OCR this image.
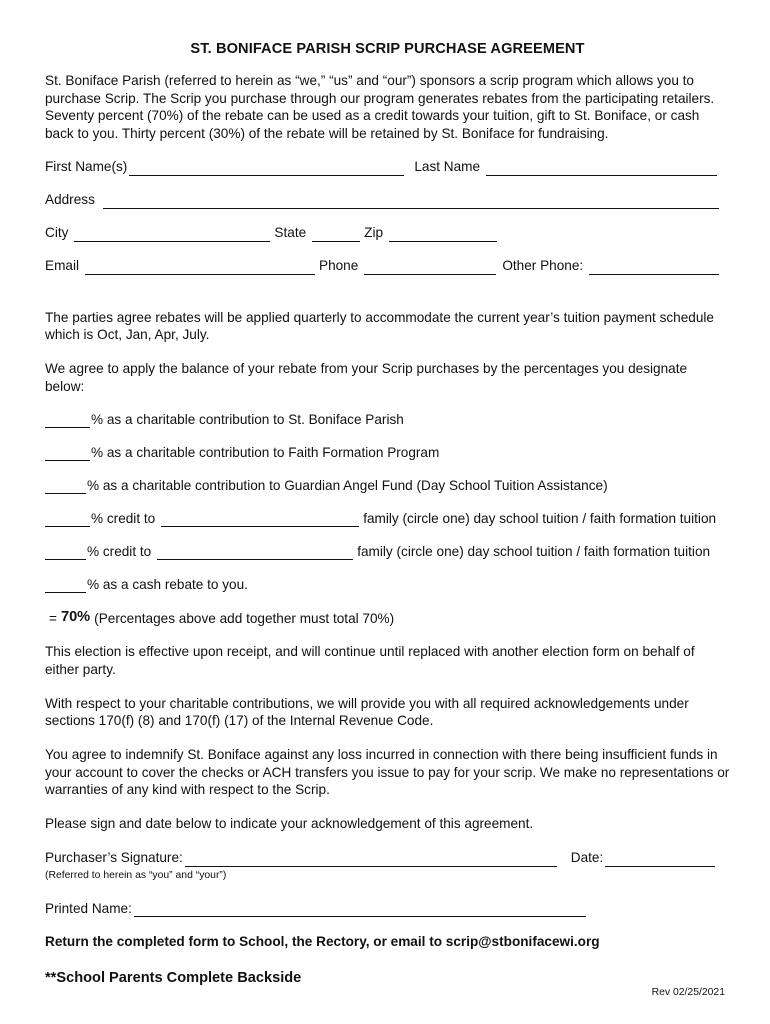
ST. BONIFACE PARISH SCRIP PURCHASE AGREEMENT

St. Boniface Parish (referred to herein as “we,” “us” and “our”) sponsors a scrip program which allows you to purchase Scrip. The Scrip you purchase through our program generates rebates from the participating retailers. Seventy percent (70%) of the rebate can be used as a credit towards your tuition, gift to St. Boniface, or cash back to you. Thirty percent (30%) of the rebate will be retained by St. Boniface for fundraising.

First Name(s)	Last Name
Address
City	State	Zip
Email	Phone	Other Phone:

The parties agree rebates will be applied quarterly to accommodate the current year’s tuition payment schedule which is Oct, Jan, Apr, July.

We agree to apply the balance of your rebate from your Scrip purchases by the percentages you designate below:

% as a charitable contribution to St. Boniface Parish
% as a charitable contribution to Faith Formation Program
% as a charitable contribution to Guardian Angel Fund (Day School Tuition Assistance)
% credit to	family (circle one) day school tuition / faith formation tuition
% credit to	family (circle one) day school tuition / faith formation tuition
% as a cash rebate to you.
= 70% (Percentages above add together must total 70%)

This election is effective upon receipt, and will continue until replaced with another election form on behalf of either party.

With respect to your charitable contributions, we will provide you with all required acknowledgements under sections 170(f) (8) and 170(f) (17) of the Internal Revenue Code.

You agree to indemnify St. Boniface against any loss incurred in connection with there being insufficient funds in your account to cover the checks or ACH transfers you issue to pay for your scrip. We make no representations or warranties of any kind with respect to the Scrip.

Please sign and date below to indicate your acknowledgement of this agreement.

Purchaser’s Signature:	Date:
(Referred to herein as “you” and “your”)
Printed Name:
Return the completed form to School, the Rectory, or email to scrip@stbonifacewi.org
**School Parents Complete Backside
Rev 02/25/2021
